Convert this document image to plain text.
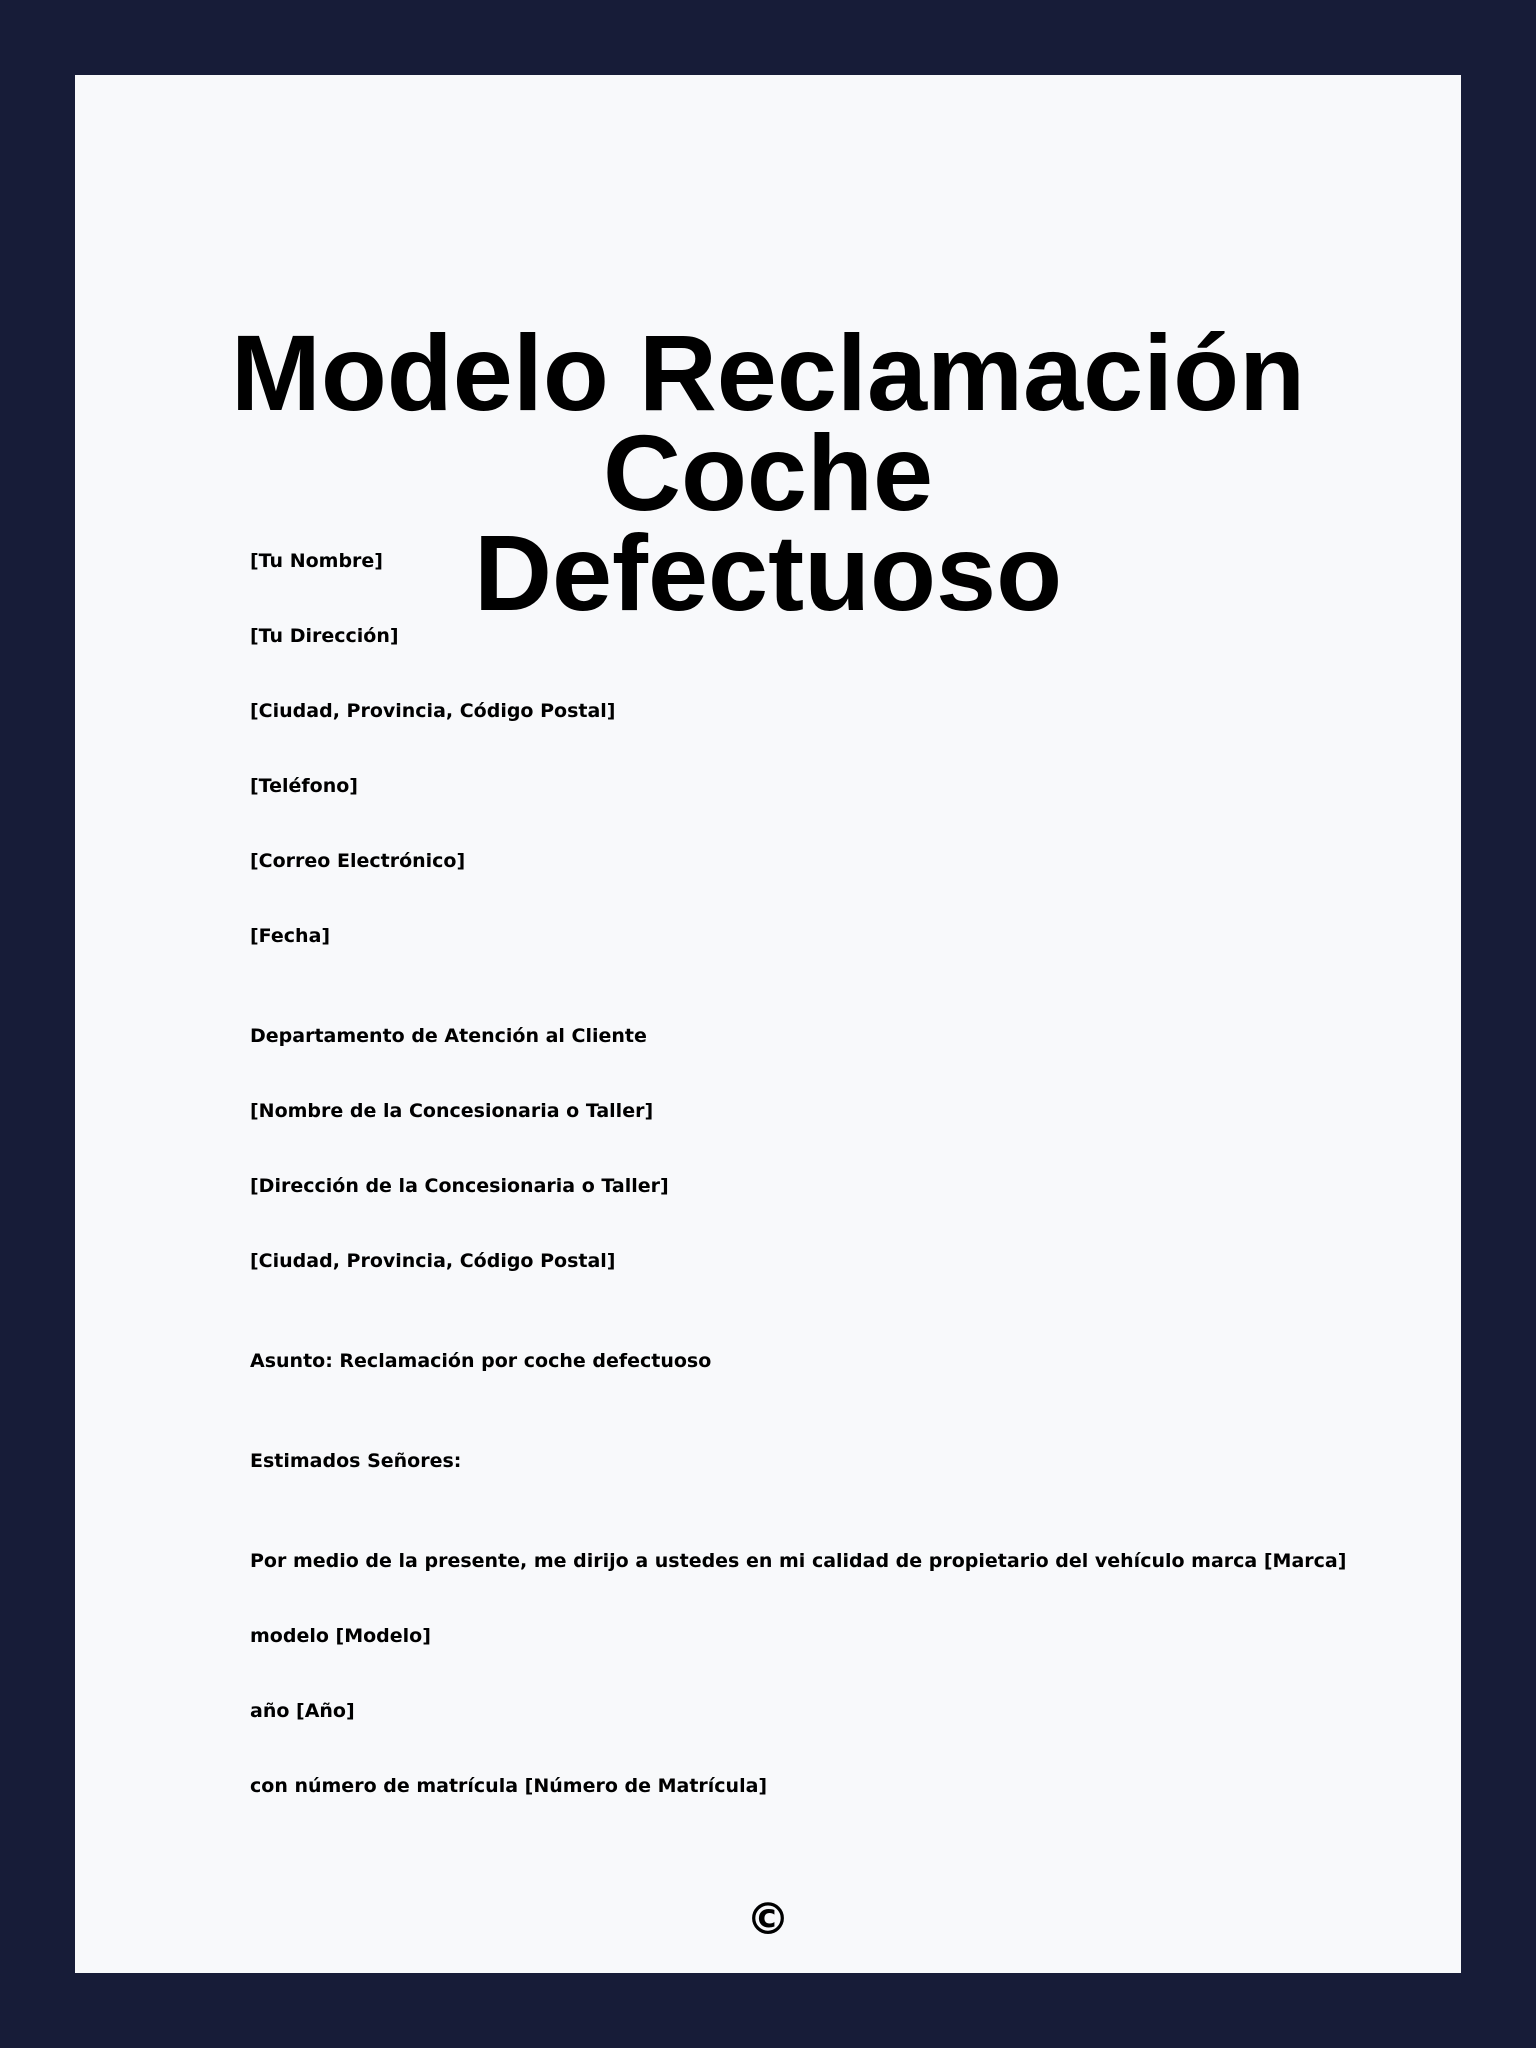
Modelo Reclamación Coche
Defectuoso

[Tu Nombre]

[Tu Dirección]

[Ciudad, Provincia, Código Postal]

[Teléfono]

[Correo Electrónico]

[Fecha]

Departamento de Atención al Cliente

[Nombre de la Concesionaria o Taller]

[Dirección de la Concesionaria o Taller]

[Ciudad, Provincia, Código Postal]

Asunto: Reclamación por coche defectuoso

Estimados Señores:

Por medio de la presente, me dirijo a ustedes en mi calidad de propietario del vehículo marca [Marca]

modelo [Modelo]

año [Año]

con número de matrícula [Número de Matrícula]

©
